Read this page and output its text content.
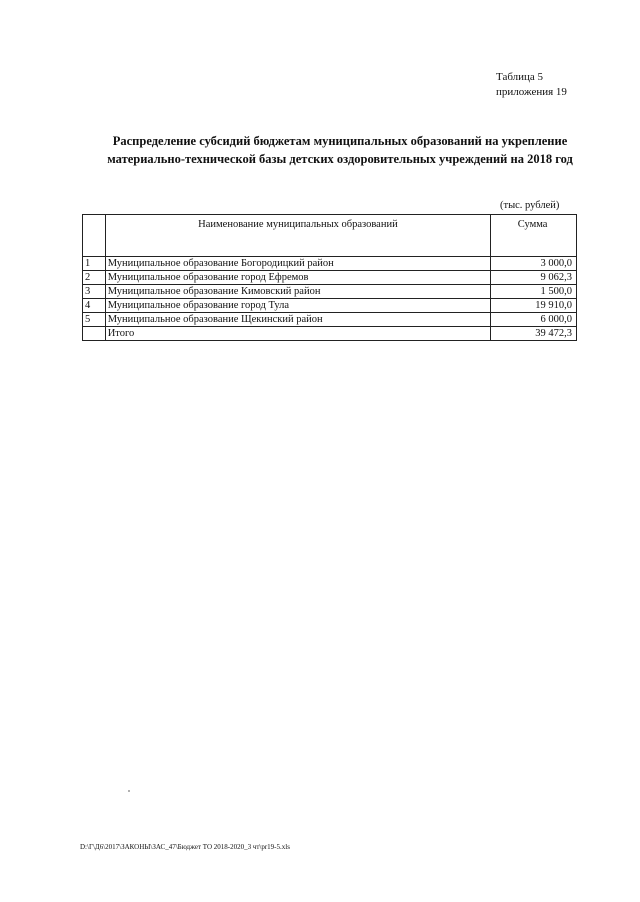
Таблица 5
приложения 19
Распределение субсидий бюджетам муниципальных образований на укрепление
материально-технической базы детских оздоровительных учреждений на 2018 год
(тыс. рублей)
	Наименование муниципальных образований	Сумма
1	Муниципальное образование Богородицкий район	3 000,0
2	Муниципальное образование город Ефремов	9 062,3
3	Муниципальное образование Кимовский район	1 500,0
4	Муниципальное образование город Тула	19 910,0
5	Муниципальное образование Щекинский район	6 000,0
	Итого	39 472,3
D:\Г\Д6\2017\ЗАКОНЫ\ЗАС_47\Бюджет ТО 2018-2020_3 чт\pr19-5.xls
